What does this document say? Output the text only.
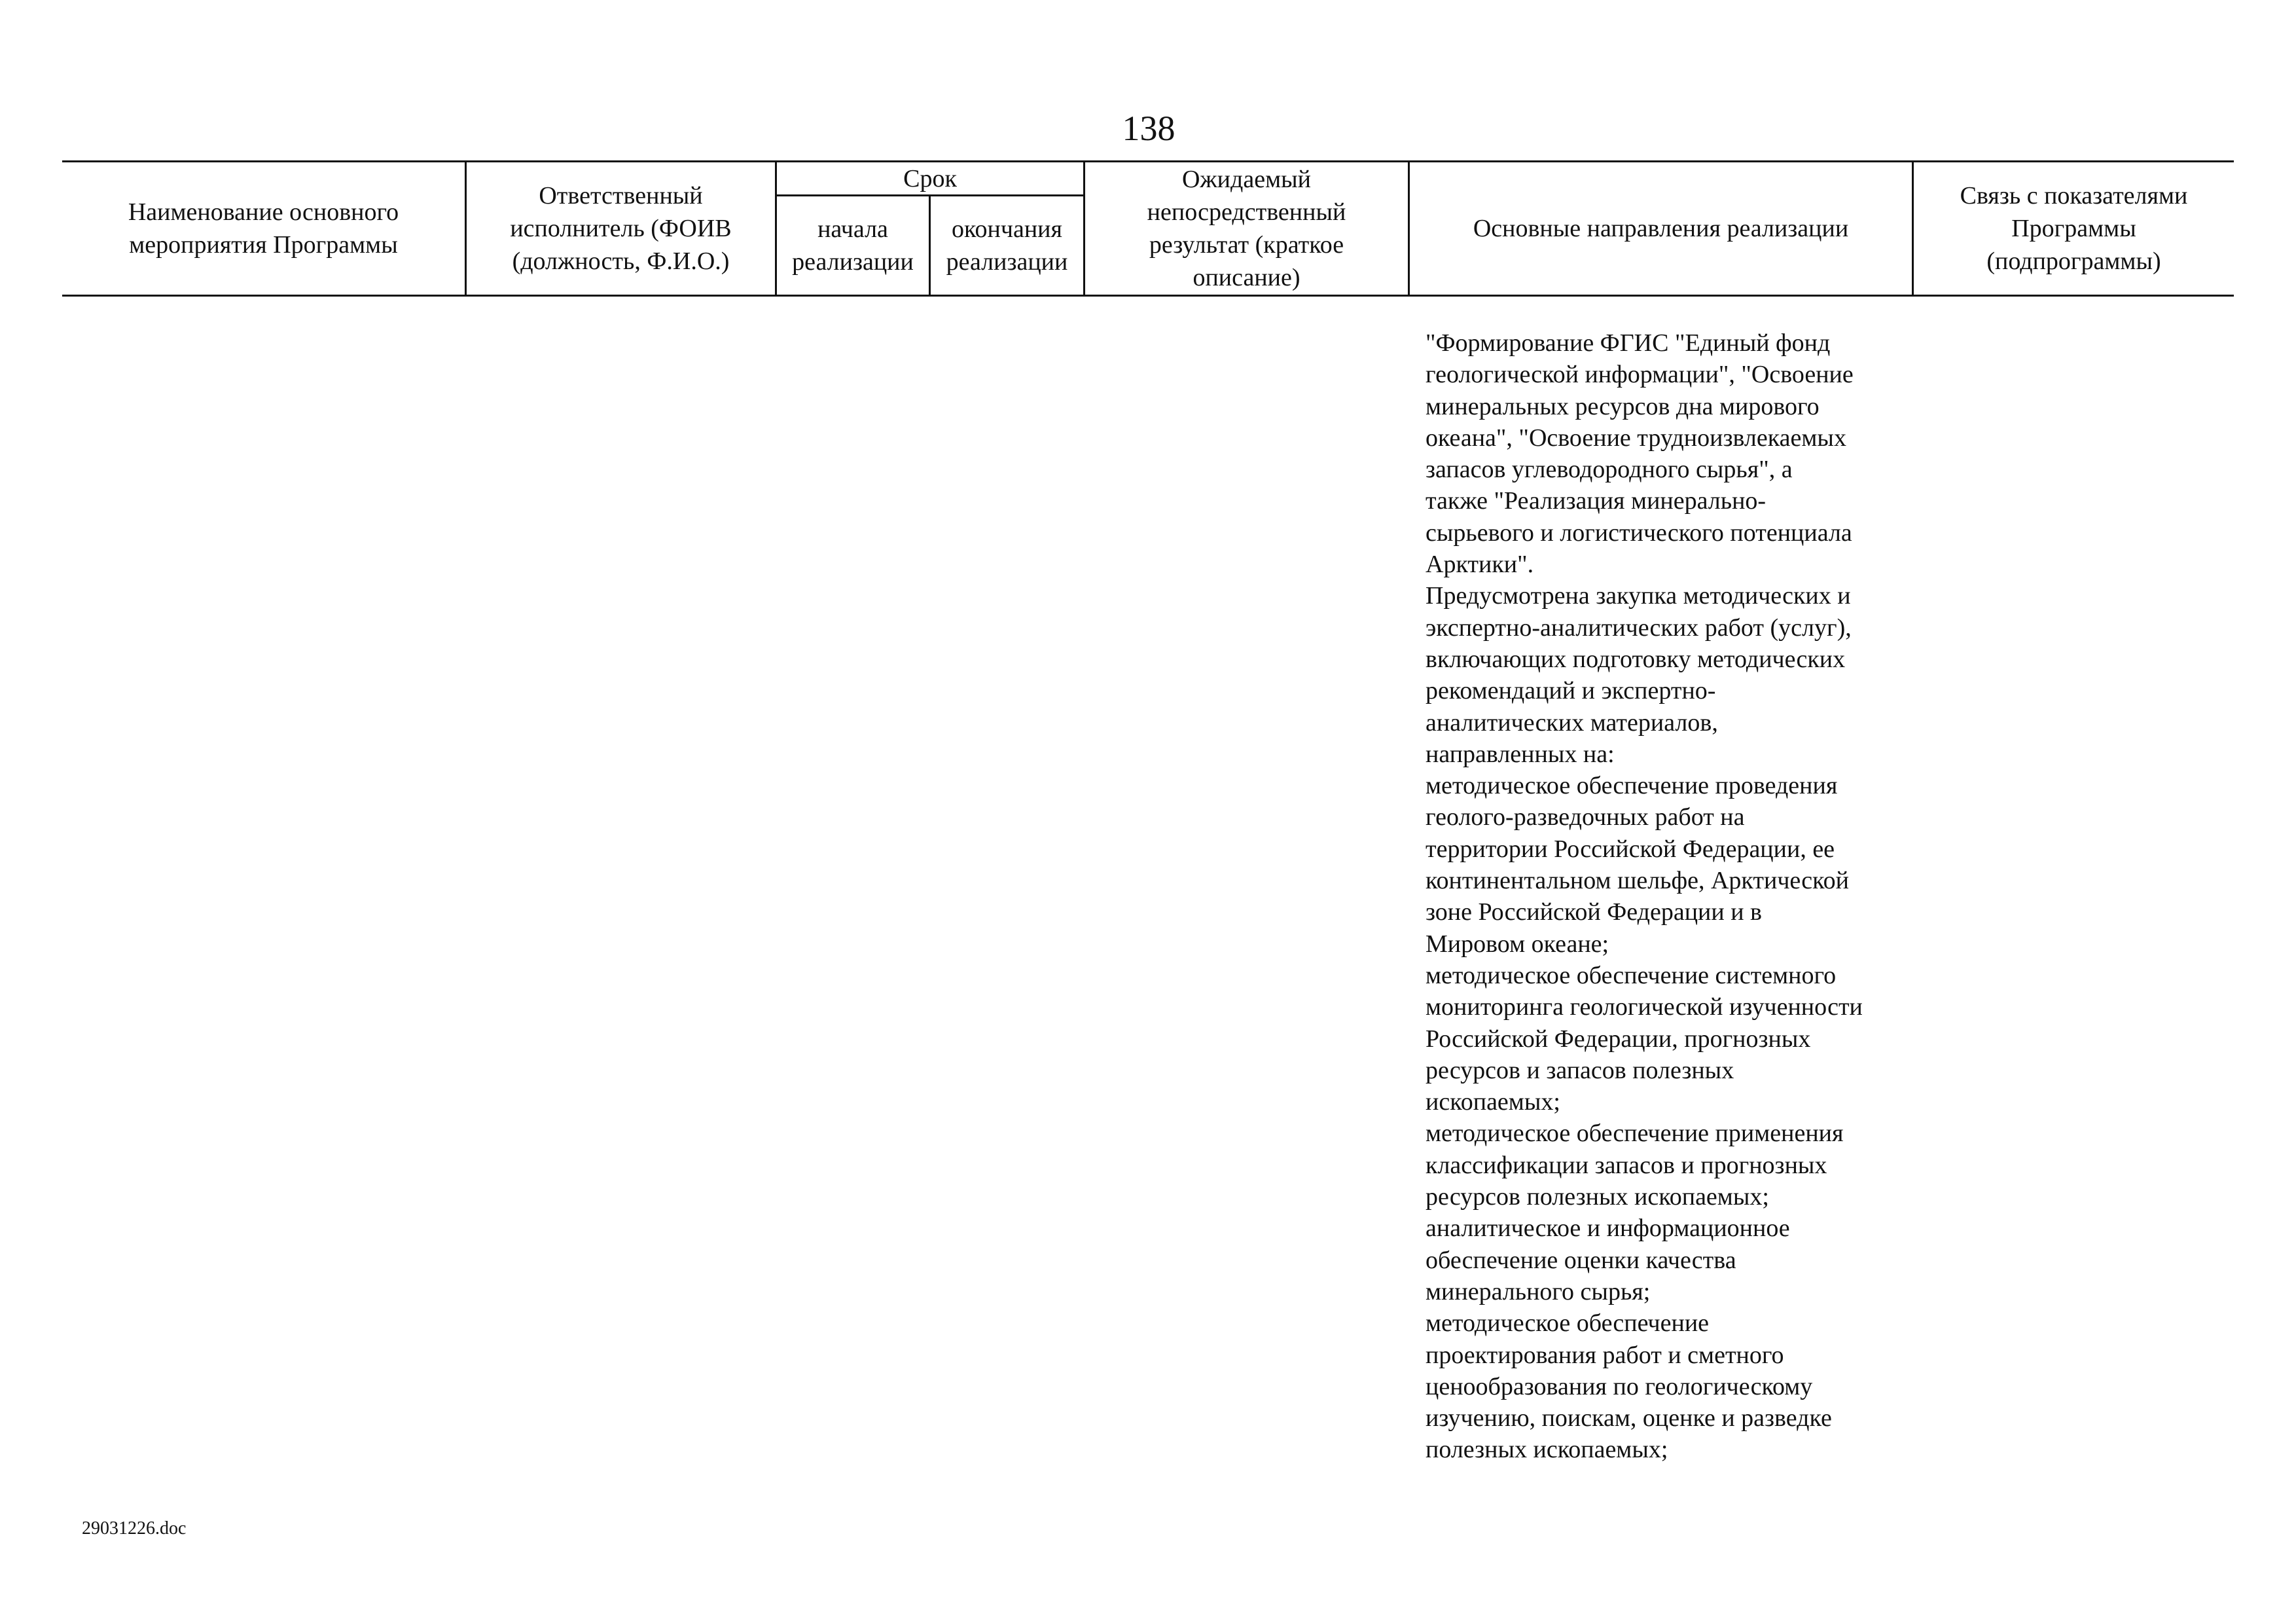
138
Наименование основного мероприятия Программы
Ответственный исполнитель (ФОИВ (должность, Ф.И.О.)
Срок
начала реализации
окончания реализации
Ожидаемый непосредственный результат (краткое описание)
Основные направления реализации
Связь с показателями Программы (подпрограммы)
"Формирование ФГИС "Единый фонд
геологической информации", "Освоение
минеральных ресурсов дна мирового
океана", "Освоение трудноизвлекаемых
запасов углеводородного сырья", а
также "Реализация минерально-
сырьевого и логистического потенциала
Арктики".
Предусмотрена закупка методических и
экспертно-аналитических работ (услуг),
включающих подготовку методических
рекомендаций и экспертно-
аналитических материалов,
направленных на:
методическое обеспечение проведения
геолого-разведочных работ на
территории Российской Федерации, ее
континентальном шельфе, Арктической
зоне Российской Федерации и в
Мировом океане;
методическое обеспечение системного
мониторинга геологической изученности
Российской Федерации, прогнозных
ресурсов и запасов полезных
ископаемых;
методическое обеспечение применения
классификации запасов и прогнозных
ресурсов полезных ископаемых;
аналитическое и информационное
обеспечение оценки качества
минерального сырья;
методическое обеспечение
проектирования работ и сметного
ценообразования по геологическому
изучению, поискам, оценке и разведке
полезных ископаемых;
29031226.doc
